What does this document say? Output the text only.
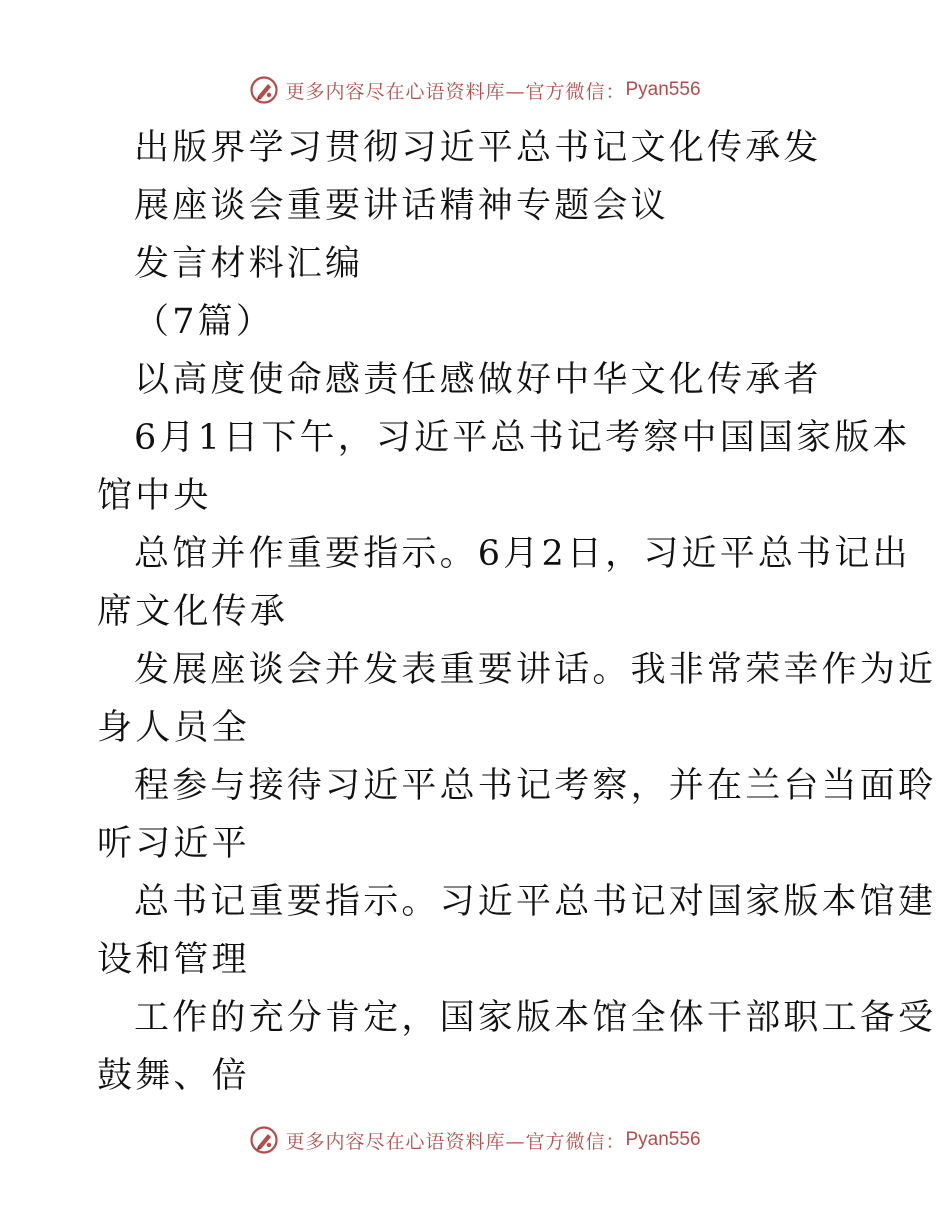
更多内容尽在心语资料库—官方微信： Pyan556
出版界学习贯彻习近平总书记文化传承发
展座谈会重要讲话精神专题会议
发言材料汇编
（7篇）
以高度使命感责任感做好中华文化传承者
6月1日下午，习近平总书记考察中国国家版本
馆中央
总馆并作重要指示。6月2日，习近平总书记出
席文化传承
发展座谈会并发表重要讲话。我非常荣幸作为近
身人员全
程参与接待习近平总书记考察，并在兰台当面聆
听习近平
总书记重要指示。习近平总书记对国家版本馆建
设和管理
工作的充分肯定，国家版本馆全体干部职工备受
鼓舞、倍
更多内容尽在心语资料库—官方微信： Pyan556
